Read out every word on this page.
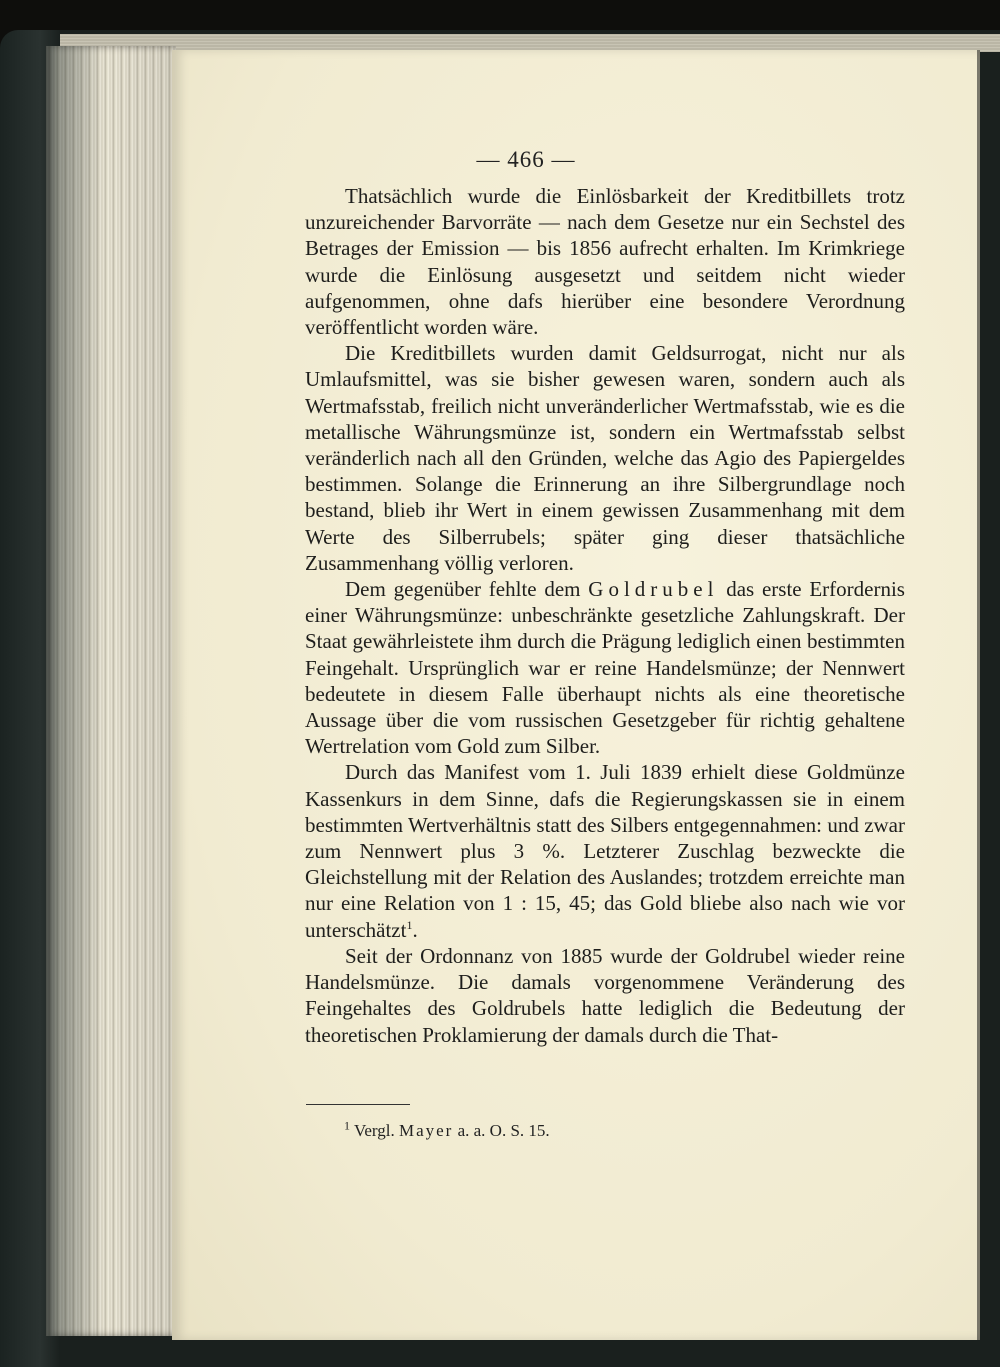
— 466 —

Thatsächlich wurde die Einlösbarkeit der Kreditbillets trotz unzureichender Barvorräte — nach dem Gesetze nur ein Sechstel des Betrages der Emission — bis 1856 aufrecht erhalten. Im Krimkriege wurde die Einlösung ausgesetzt und seitdem nicht wieder aufgenommen, ohne dafs hierüber eine besondere Verordnung veröffentlicht worden wäre.

Die Kreditbillets wurden damit Geldsurrogat, nicht nur als Umlaufsmittel, was sie bisher gewesen waren, sondern auch als Wertmafsstab, freilich nicht unveränderlicher Wertmafsstab, wie es die metallische Währungsmünze ist, sondern ein Wertmafsstab selbst veränderlich nach all den Gründen, welche das Agio des Papiergeldes bestimmen. Solange die Erinnerung an ihre Silbergrundlage noch bestand, blieb ihr Wert in einem gewissen Zusammenhang mit dem Werte des Silberrubels; später ging dieser thatsächliche Zusammenhang völlig verloren.

Dem gegenüber fehlte dem Goldrubel das erste Erfordernis einer Währungsmünze: unbeschränkte gesetzliche Zahlungskraft. Der Staat gewährleistete ihm durch die Prägung lediglich einen bestimmten Feingehalt. Ursprünglich war er reine Handelsmünze; der Nennwert bedeutete in diesem Falle überhaupt nichts als eine theoretische Aussage über die vom russischen Gesetzgeber für richtig gehaltene Wertrelation vom Gold zum Silber.

Durch das Manifest vom 1. Juli 1839 erhielt diese Goldmünze Kassenkurs in dem Sinne, dafs die Regierungskassen sie in einem bestimmten Wertverhältnis statt des Silbers entgegennahmen: und zwar zum Nennwert plus 3 %. Letzterer Zuschlag bezweckte die Gleichstellung mit der Relation des Auslandes; trotzdem erreichte man nur eine Relation von 1 : 15, 45; das Gold bliebe also nach wie vor unterschätzt$^1$.

Seit der Ordonnanz von 1885 wurde der Goldrubel wieder reine Handelsmünze. Die damals vorgenommene Veränderung des Feingehaltes des Goldrubels hatte lediglich die Bedeutung der theoretischen Proklamierung der damals durch die That-

$^1$ Vergl. Mayer a. a. O. S. 15.
